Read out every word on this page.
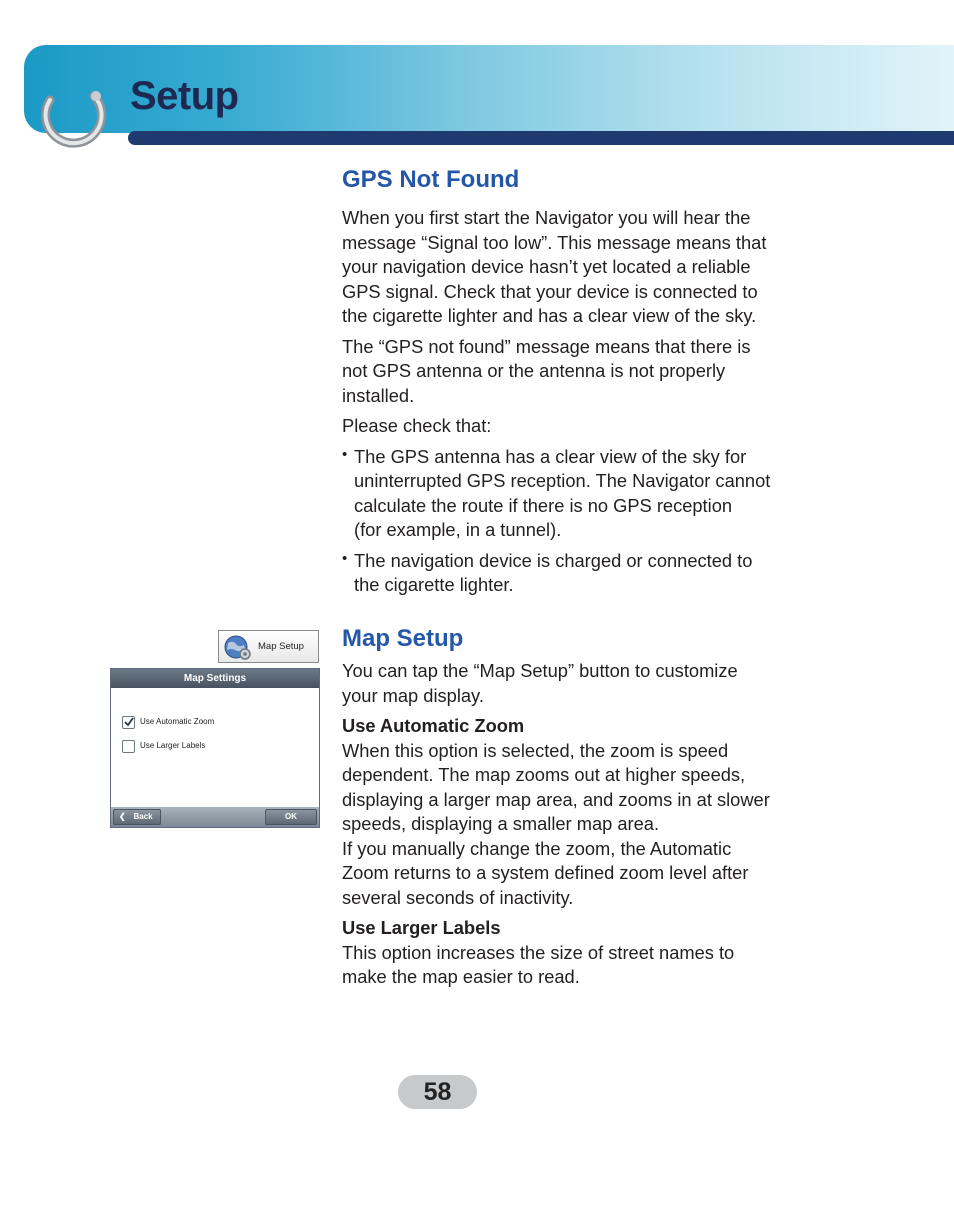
Setup
GPS Not Found

When you first start the Navigator you will hear the
message “Signal too low”. This message means that
your navigation device hasn’t yet located a reliable
GPS signal. Check that your device is connected to
the cigarette lighter and has a clear view of the sky.

The “GPS not found” message means that there is
not GPS antenna or the antenna is not properly
installed.

Please check that:

• The GPS antenna has a clear view of the sky for
uninterrupted GPS reception. The Navigator cannot
calculate the route if there is no GPS reception
(for example, in a tunnel).
• The navigation device is charged or connected to
the cigarette lighter.
Map Setup

You can tap the “Map Setup” button to customize
your map display.

Use Automatic Zoom

When this option is selected, the zoom is speed
dependent. The map zooms out at higher speeds,
displaying a larger map area, and zooms in at slower
speeds, displaying a smaller map area.
If you manually change the zoom, the Automatic
Zoom returns to a system defined zoom level after
several seconds of inactivity.

Use Larger Labels

This option increases the size of street names to
make the map easier to read.

Map Setup
Map Settings
Use Automatic Zoom
Use Larger Labels
❮ Back	OK
58
